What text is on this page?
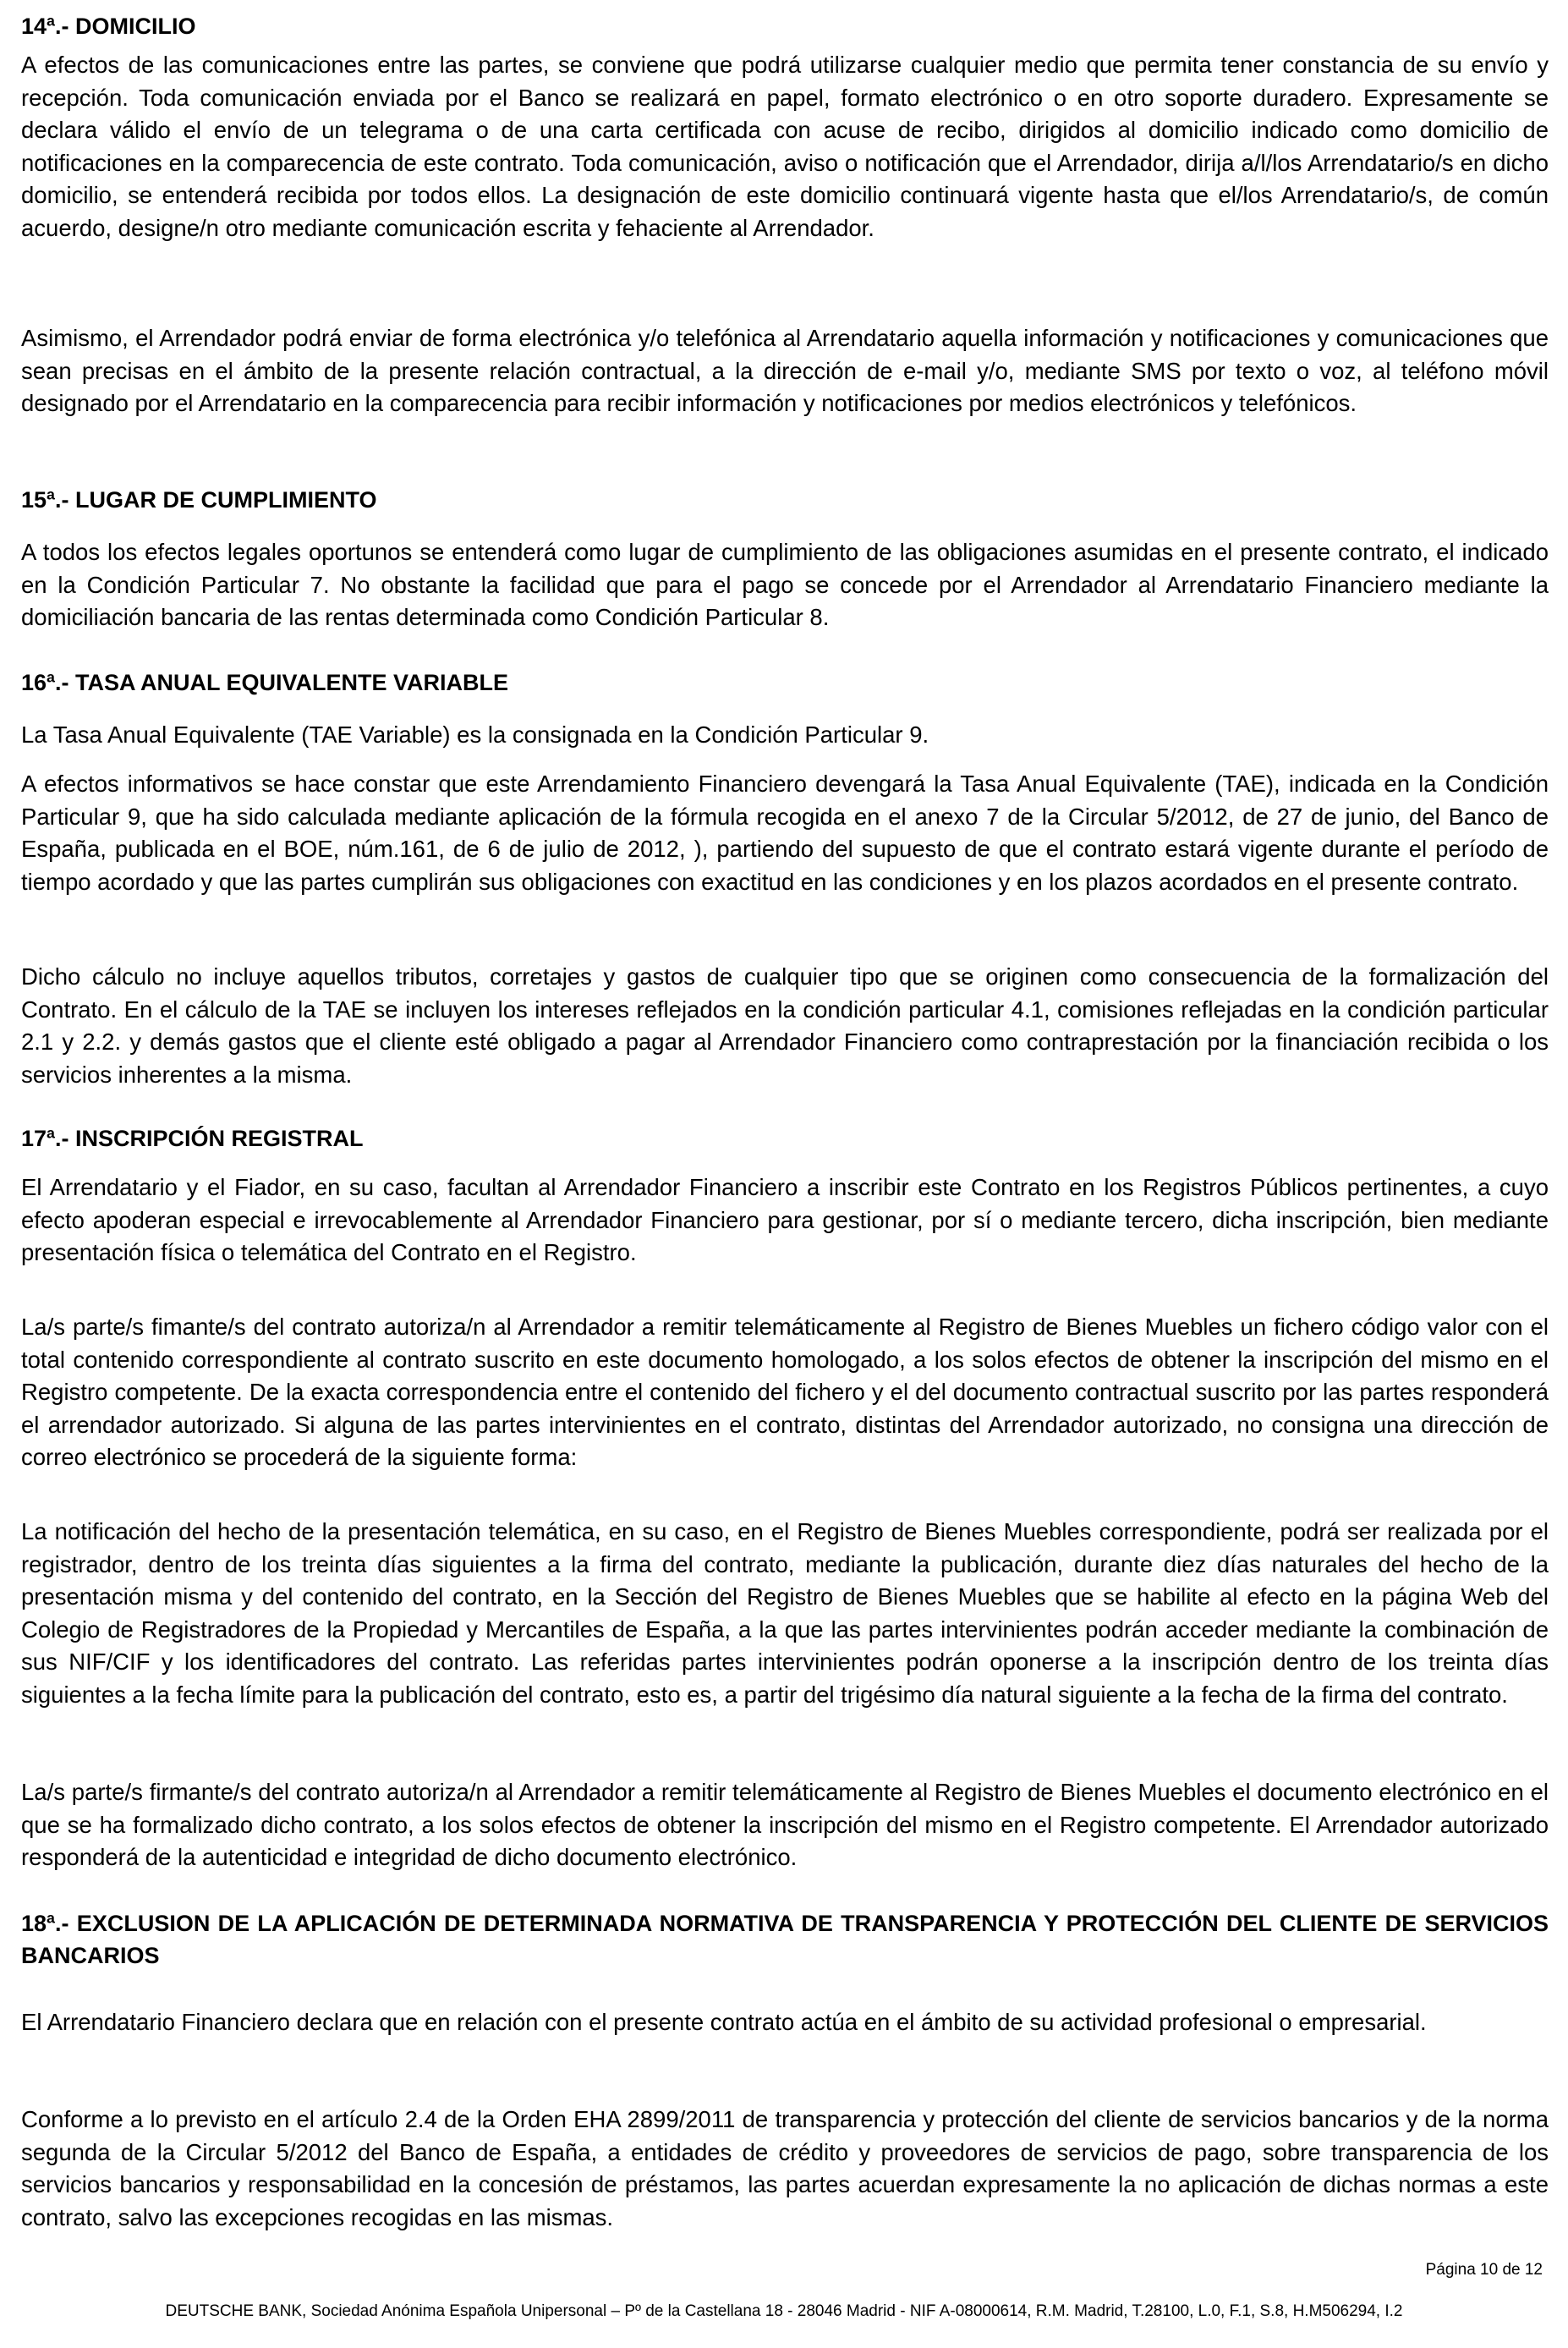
14ª.- DOMICILIO
A efectos de las comunicaciones entre las partes, se conviene que podrá utilizarse cualquier medio que permita tener constancia de su envío y recepción. Toda comunicación enviada por el Banco se realizará en papel, formato electrónico o en otro soporte duradero. Expresamente se declara válido el envío de un telegrama o de una carta certificada con acuse de recibo, dirigidos al domicilio indicado como domicilio de notificaciones en la comparecencia de este contrato. Toda comunicación, aviso o notificación que el Arrendador, dirija a/l/los Arrendatario/s en dicho domicilio, se entenderá recibida por todos ellos. La designación de este domicilio continuará vigente hasta que el/los Arrendatario/s, de común acuerdo, designe/n otro mediante comunicación escrita y fehaciente al Arrendador.
Asimismo, el Arrendador podrá enviar de forma electrónica y/o telefónica al Arrendatario aquella información y notificaciones y comunicaciones que sean precisas en el ámbito de la presente relación contractual, a la dirección de e-mail y/o, mediante SMS por texto o voz, al teléfono móvil designado por el Arrendatario en la comparecencia para recibir información y notificaciones por medios electrónicos y telefónicos.
15ª.- LUGAR DE CUMPLIMIENTO
A todos los efectos legales oportunos se entenderá como lugar de cumplimiento de las obligaciones asumidas en el presente contrato, el indicado en la Condición Particular 7. No obstante la facilidad que para el pago se concede por el Arrendador al Arrendatario Financiero mediante la domiciliación bancaria de las rentas determinada como Condición Particular 8.
16ª.- TASA ANUAL EQUIVALENTE VARIABLE
La Tasa Anual Equivalente (TAE Variable) es la consignada en la Condición Particular 9.
A efectos informativos se hace constar que este Arrendamiento Financiero devengará la Tasa Anual Equivalente (TAE), indicada en la Condición Particular 9, que ha sido calculada mediante aplicación de la fórmula recogida en el anexo 7 de la Circular 5/2012, de 27 de junio, del Banco de España, publicada en el BOE, núm.161, de 6 de julio de 2012, ), partiendo del supuesto de que el contrato estará vigente durante el período de tiempo acordado y que las partes cumplirán sus obligaciones con exactitud en las condiciones y en los plazos acordados en el presente contrato.
Dicho cálculo no incluye aquellos tributos, corretajes y gastos de cualquier tipo que se originen como consecuencia de la formalización del Contrato. En el cálculo de la TAE se incluyen los intereses reflejados en la condición particular 4.1, comisiones reflejadas en la condición particular 2.1 y 2.2. y demás gastos que el cliente esté obligado a pagar al Arrendador Financiero como contraprestación por la financiación recibida o los servicios inherentes a la misma.
17ª.- INSCRIPCIÓN REGISTRAL
El Arrendatario y el Fiador, en su caso, facultan al Arrendador Financiero a inscribir este Contrato en los Registros Públicos pertinentes, a cuyo efecto apoderan especial e irrevocablemente al Arrendador Financiero para gestionar, por sí o mediante tercero, dicha inscripción, bien mediante presentación física o telemática del Contrato en el Registro.
La/s parte/s fimante/s del contrato autoriza/n al Arrendador a remitir telemáticamente al Registro de Bienes Muebles un fichero código valor con el total contenido correspondiente al contrato suscrito en este documento homologado, a los solos efectos de obtener la inscripción del mismo en el Registro competente. De la exacta correspondencia entre el contenido del fichero y el del documento contractual suscrito por las partes responderá el arrendador autorizado. Si alguna de las partes intervinientes en el contrato, distintas del Arrendador autorizado, no consigna una dirección de correo electrónico se procederá de la siguiente forma:
La notificación del hecho de la presentación telemática, en su caso, en el Registro de Bienes Muebles correspondiente, podrá ser realizada por el registrador, dentro de los treinta días siguientes a la firma del contrato, mediante la publicación, durante diez días naturales del hecho de la presentación misma y del contenido del contrato, en la Sección del Registro de Bienes Muebles que se habilite al efecto en la página Web del Colegio de Registradores de la Propiedad y Mercantiles de España, a la que las partes intervinientes podrán acceder mediante la combinación de sus NIF/CIF y los identificadores del contrato. Las referidas partes intervinientes podrán oponerse a la inscripción dentro de los treinta días siguientes a la fecha límite para la publicación del contrato, esto es, a partir del trigésimo día natural siguiente a la fecha de la firma del contrato.
La/s parte/s firmante/s del contrato autoriza/n al Arrendador a remitir telemáticamente al Registro de Bienes Muebles el documento electrónico en el que se ha formalizado dicho contrato, a los solos efectos de obtener la inscripción del mismo en el Registro competente. El Arrendador autorizado responderá de la autenticidad e integridad de dicho documento electrónico.
18ª.- EXCLUSION DE LA APLICACIÓN DE DETERMINADA NORMATIVA DE TRANSPARENCIA Y PROTECCIÓN DEL CLIENTE DE SERVICIOS BANCARIOS
El Arrendatario Financiero declara que en relación con el presente contrato actúa en el ámbito de su actividad profesional o empresarial.
Conforme a lo previsto en el artículo 2.4 de la Orden EHA 2899/2011 de transparencia y protección del cliente de servicios bancarios y de la norma segunda de la Circular 5/2012 del Banco de España, a entidades de crédito y proveedores de servicios de pago, sobre transparencia de los servicios bancarios y responsabilidad en la concesión de préstamos, las partes acuerdan expresamente la no aplicación de dichas normas a este contrato, salvo las excepciones recogidas en las mismas.
Página 10 de 12
DEUTSCHE BANK, Sociedad Anónima Española Unipersonal – Pº de la Castellana 18 - 28046 Madrid - NIF A-08000614, R.M. Madrid, T.28100, L.0, F.1, S.8, H.M506294, I.2
